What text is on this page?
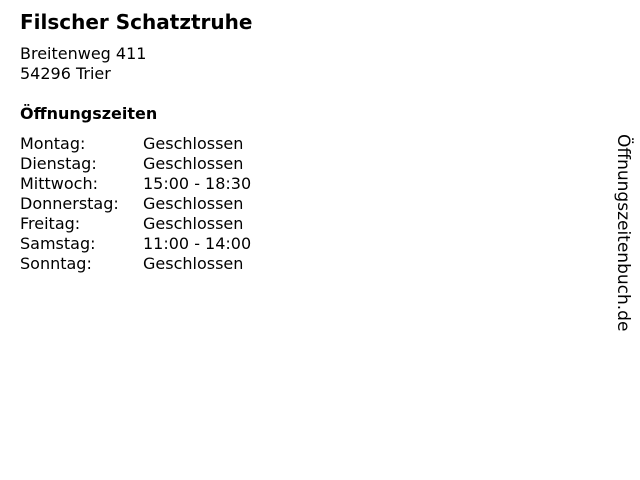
Filscher Schatztruhe
Breitenweg 411
54296 Trier
Öffnungszeiten
Montag:	Geschlossen
Dienstag:	Geschlossen
Mittwoch:	15:00 - 18:30
Donnerstag:	Geschlossen
Freitag:	Geschlossen
Samstag:	11:00 - 14:00
Sonntag:	Geschlossen	Öffnungszeitenbuch.de
